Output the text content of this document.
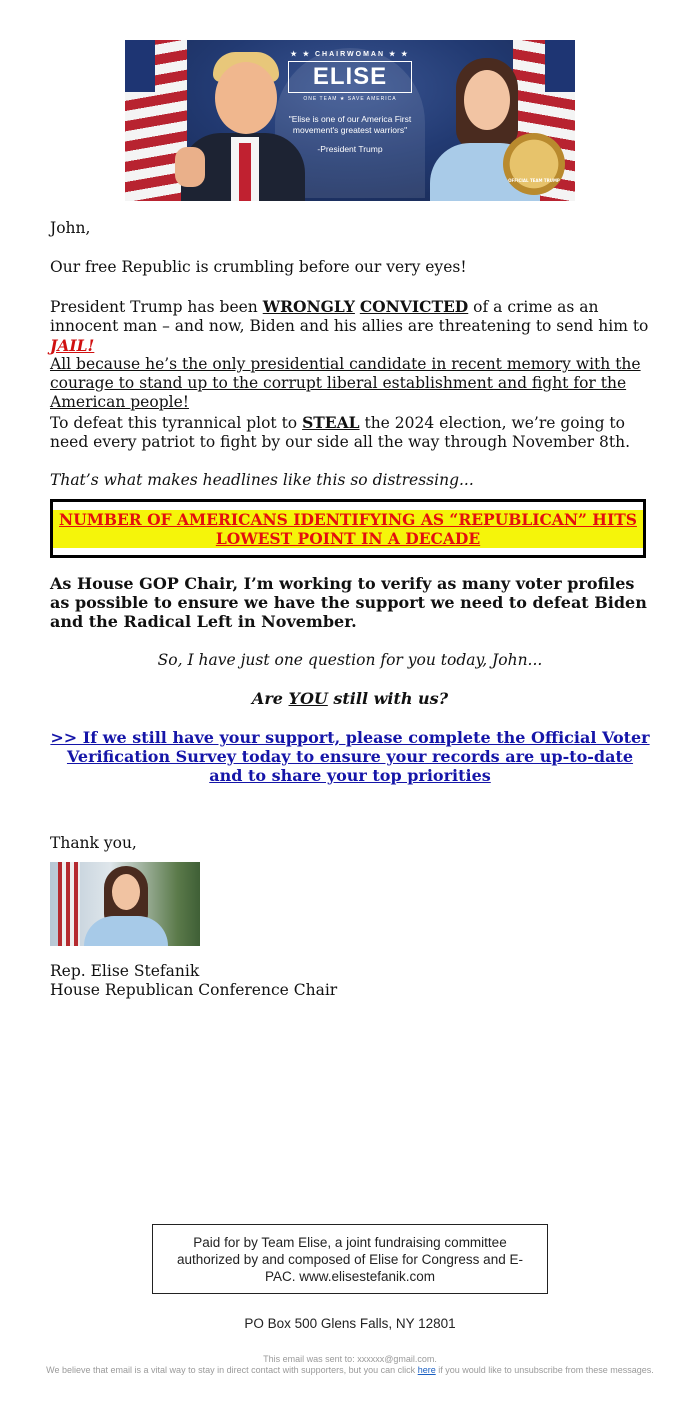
★ ★ CHAIRWOMAN ★ ★
ELISE
ONE TEAM ★ SAVE AMERICA
"Elise is one of our America First movement's greatest warriors"
-President Trump
OFFICIAL TEAM TRUMP

John,

Our free Republic is crumbling before our very eyes!

President Trump has been WRONGLY CONVICTED of a crime as an innocent man – and now, Biden and his allies are threatening to send him to JAIL!

All because he’s the only presidential candidate in recent memory with the courage to stand up to the corrupt liberal establishment and fight for the American people!

To defeat this tyrannical plot to STEAL the 2024 election, we’re going to need every patriot to fight by our side all the way through November 8th.

That’s what makes headlines like this so distressing...

NUMBER OF AMERICANS IDENTIFYING AS “REPUBLICAN” HITS LOWEST POINT IN A DECADE

As House GOP Chair, I’m working to verify as many voter profiles as possible to ensure we have the support we need to defeat Biden and the Radical Left in November.

So, I have just one question for you today, John...

Are YOU still with us?

>> If we still have your support, please complete the Official Voter Verification Survey today to ensure your records are up-to-date and to share your top priorities

Thank you,

Rep. Elise Stefanik

House Republican Conference Chair

Paid for by Team Elise, a joint fundraising committee authorized by and composed of Elise for Congress and E-PAC. www.elisestefanik.com
PO Box 500 Glens Falls, NY 12801
This email was sent to: xxxxxx@gmail.com.
We believe that email is a vital way to stay in direct contact with supporters, but you can click here if you would like to unsubscribe from these messages.
